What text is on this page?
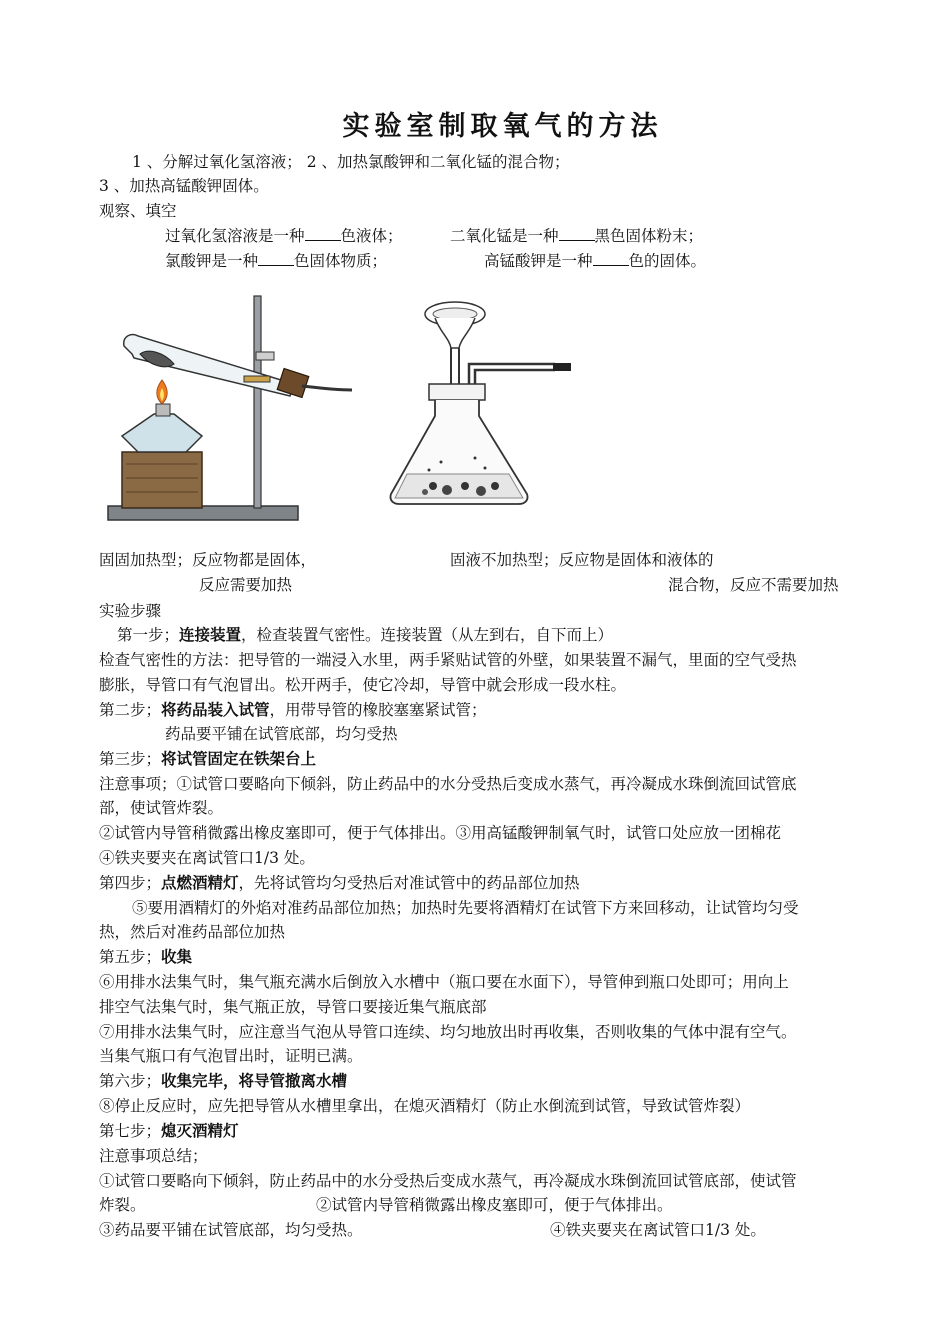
实验室制取氧气的方法
1 、分解过氧化氢溶液； 2 、加热氯酸钾和二氧化锰的混合物；
3 、加热高锰酸钾固体。
观察、填空
过氧化氢溶液是一种 色液体；	二氧化锰是一种 黑色固体粉末；
氯酸钾是一种 色固体物质；	高锰酸钾是一种 色的固体。
固固加热型；反应物都是固体，	固液不加热型；反应物是固体和液体的
反应需要加热	混合物，反应不需要加热
实验步骤
第一步；连接装置，检查装置气密性。连接装置（从左到右，自下而上）
检查气密性的方法：把导管的一端浸入水里，两手紧贴试管的外壁，如果装置不漏气，里面的空气受热
膨胀，导管口有气泡冒出。松开两手，使它冷却，导管中就会形成一段水柱。
第二步；将药品装入试管，用带导管的橡胶塞塞紧试管；
药品要平铺在试管底部，均匀受热
第三步；将试管固定在铁架台上
注意事项；①试管口要略向下倾斜，防止药品中的水分受热后变成水蒸气，再冷凝成水珠倒流回试管底
部，使试管炸裂。
②试管内导管稍微露出橡皮塞即可，便于气体排出。③用高锰酸钾制氧气时，试管口处应放一团棉花
④铁夹要夹在离试管口1/3 处。
第四步；点燃酒精灯，先将试管均匀受热后对准试管中的药品部位加热
⑤要用酒精灯的外焰对准药品部位加热；加热时先要将酒精灯在试管下方来回移动，让试管均匀受
热，然后对准药品部位加热
第五步；收集
⑥用排水法集气时，集气瓶充满水后倒放入水槽中（瓶口要在水面下），导管伸到瓶口处即可；用向上
排空气法集气时，集气瓶正放，导管口要接近集气瓶底部
⑦用排水法集气时，应注意当气泡从导管口连续、均匀地放出时再收集，否则收集的气体中混有空气。
当集气瓶口有气泡冒出时，证明已满。
第六步；收集完毕，将导管撤离水槽
⑧停止反应时，应先把导管从水槽里拿出，在熄灭酒精灯（防止水倒流到试管，导致试管炸裂）
第七步；熄灭酒精灯
注意事项总结；
①试管口要略向下倾斜，防止药品中的水分受热后变成水蒸气，再冷凝成水珠倒流回试管底部，使试管
炸裂。	②试管内导管稍微露出橡皮塞即可，便于气体排出。
③药品要平铺在试管底部，均匀受热。	④铁夹要夹在离试管口1/3 处。
